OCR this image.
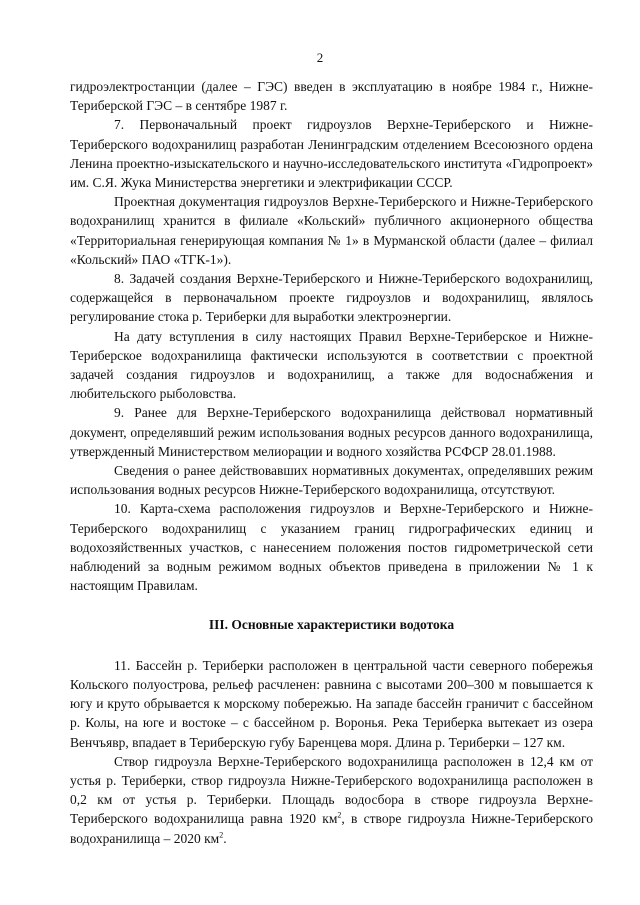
2

гидроэлектростанции (далее – ГЭС) введен в эксплуатацию в ноябре 1984 г., Нижне-Териберской ГЭС – в сентябре 1987 г.

7. Первоначальный проект гидроузлов Верхне-Териберского и Нижне-Териберского водохранилищ разработан Ленинградским отделением Всесоюзного ордена Ленина проектно-изыскательского и научно-исследовательского института «Гидропроект» им. С.Я. Жука Министерства энергетики и электрификации СССР.

Проектная документация гидроузлов Верхне-Териберского и Нижне-Териберского водохранилищ хранится в филиале «Кольский» публичного акционерного общества «Территориальная генерирующая компания № 1» в Мурманской области (далее – филиал «Кольский» ПАО «ТГК-1»).

8. Задачей создания Верхне-Териберского и Нижне-Териберского водохранилищ, содержащейся в первоначальном проекте гидроузлов и водохранилищ, являлось регулирование стока р. Териберки для выработки электроэнергии.

На дату вступления в силу настоящих Правил Верхне-Териберское и Нижне-Териберское водохранилища фактически используются в соответствии с проектной задачей создания гидроузлов и водохранилищ, а также для водоснабжения и любительского рыболовства.

9. Ранее для Верхне-Териберского водохранилища действовал нормативный документ, определявший режим использования водных ресурсов данного водохранилища, утвержденный Министерством мелиорации и водного хозяйства РСФСР 28.01.1988.

Сведения о ранее действовавших нормативных документах, определявших режим использования водных ресурсов Нижне-Териберского водохранилища, отсутствуют.

10. Карта-схема расположения гидроузлов и Верхне-Териберского и Нижне-Териберского водохранилищ с указанием границ гидрографических единиц и водохозяйственных участков, с нанесением положения постов гидрометрической сети наблюдений за водным режимом водных объектов приведена в приложении № 1 к настоящим Правилам.

III. Основные характеристики водотока

11. Бассейн р. Териберки расположен в центральной части северного побережья Кольского полуострова, рельеф расчленен: равнина с высотами 200–300 м повышается к югу и круто обрывается к морскому побережью. На западе бассейн граничит с бассейном р. Колы, на юге и востоке – с бассейном р. Воронья. Река Териберка вытекает из озера Венчъявр, впадает в Териберскую губу Баренцева моря. Длина р. Териберки – 127 км.

Створ гидроузла Верхне-Териберского водохранилища расположен в 12,4 км от устья р. Териберки, створ гидроузла Нижне-Териберского водохранилища расположен в 0,2 км от устья р. Териберки. Площадь водосбора в створе гидроузла Верхне-Териберского водохранилища равна 1920 $км^2$, в створе гидроузла Нижне-Териберского водохранилища – 2020 $км^2$.
